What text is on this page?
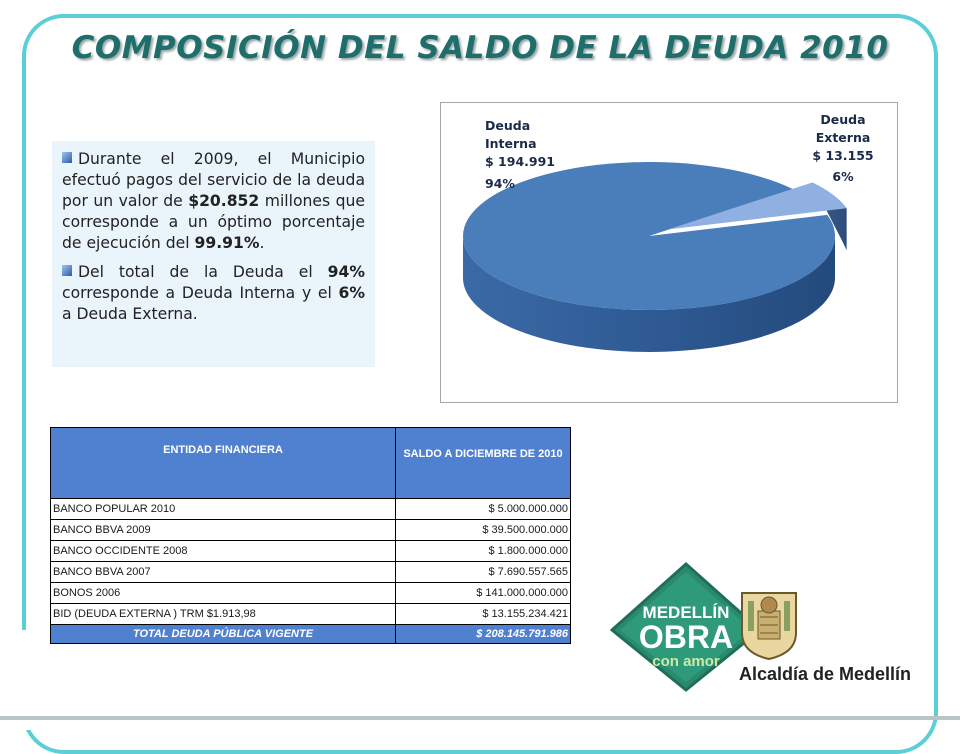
COMPOSICIÓN DEL SALDO DE LA DEUDA 2010

Durante el 2009, el Municipio efectuó pagos del servicio de la deuda por un valor de $20.852 millones que corresponde a un óptimo porcentaje de ejecución del 99.91%.

Del total de la Deuda el 94% corresponde a Deuda Interna y el 6% a Deuda Externa.

Deuda
Interna
$ 194.991
94%
Deuda
Externa
$ 13.155
6%
ENTIDAD FINANCIERA	SALDO A DICIEMBRE DE 2010
BANCO POPULAR 2010	$ 5.000.000.000
BANCO BBVA 2009	$ 39.500.000.000
BANCO OCCIDENTE 2008	$ 1.800.000.000
BANCO BBVA 2007	$ 7.690.557.565
BONOS 2006	$ 141.000.000.000
BID (DEUDA EXTERNA ) TRM $1.913,98	$ 13.155.234.421
TOTAL DEUDA PÚBLICA VIGENTE	$ 208.145.791.986
MEDELLÍN
OBRA
con amor
Alcaldía de Medellín
